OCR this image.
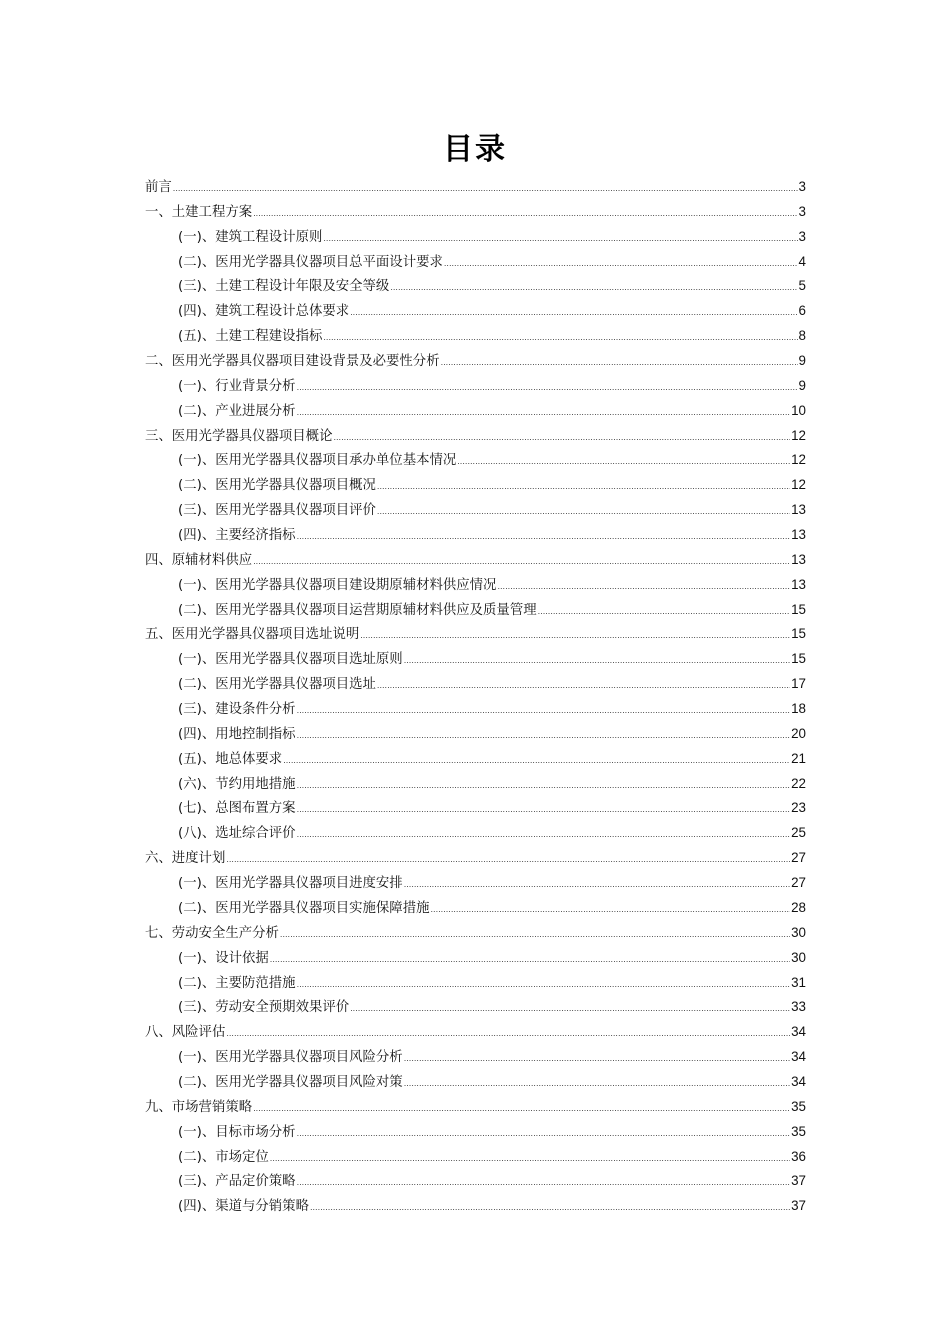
目录
前言 .....	3
一、土建工程方案 .....	3
(一)、建筑工程设计原则 .....	3
(二)、医用光学器具仪器项目总平面设计要求 .....	4
(三)、土建工程设计年限及安全等级 .....	5
(四)、建筑工程设计总体要求 .....	6
(五)、土建工程建设指标 .....	8
二、医用光学器具仪器项目建设背景及必要性分析 .....	9
(一)、行业背景分析 .....	9
(二)、产业进展分析 .....	10
三、医用光学器具仪器项目概论 .....	12
(一)、医用光学器具仪器项目承办单位基本情况 .....	12
(二)、医用光学器具仪器项目概况 .....	12
(三)、医用光学器具仪器项目评价 .....	13
(四)、主要经济指标 .....	13
四、原辅材料供应 .....	13
(一)、医用光学器具仪器项目建设期原辅材料供应情况 .....	13
(二)、医用光学器具仪器项目运营期原辅材料供应及质量管理 .....	15
五、医用光学器具仪器项目选址说明 .....	15
(一)、医用光学器具仪器项目选址原则 .....	15
(二)、医用光学器具仪器项目选址 .....	17
(三)、建设条件分析 .....	18
(四)、用地控制指标 .....	20
(五)、地总体要求 .....	21
(六)、节约用地措施 .....	22
(七)、总图布置方案 .....	23
(八)、选址综合评价 .....	25
六、进度计划 .....	27
(一)、医用光学器具仪器项目进度安排 .....	27
(二)、医用光学器具仪器项目实施保障措施 .....	28
七、劳动安全生产分析 .....	30
(一)、设计依据 .....	30
(二)、主要防范措施 .....	31
(三)、劳动安全预期效果评价 .....	33
八、风险评估 .....	34
(一)、医用光学器具仪器项目风险分析 .....	34
(二)、医用光学器具仪器项目风险对策 .....	34
九、市场营销策略 .....	35
(一)、目标市场分析 .....	35
(二)、市场定位 .....	36
(三)、产品定价策略 .....	37
(四)、渠道与分销策略 .....	37
